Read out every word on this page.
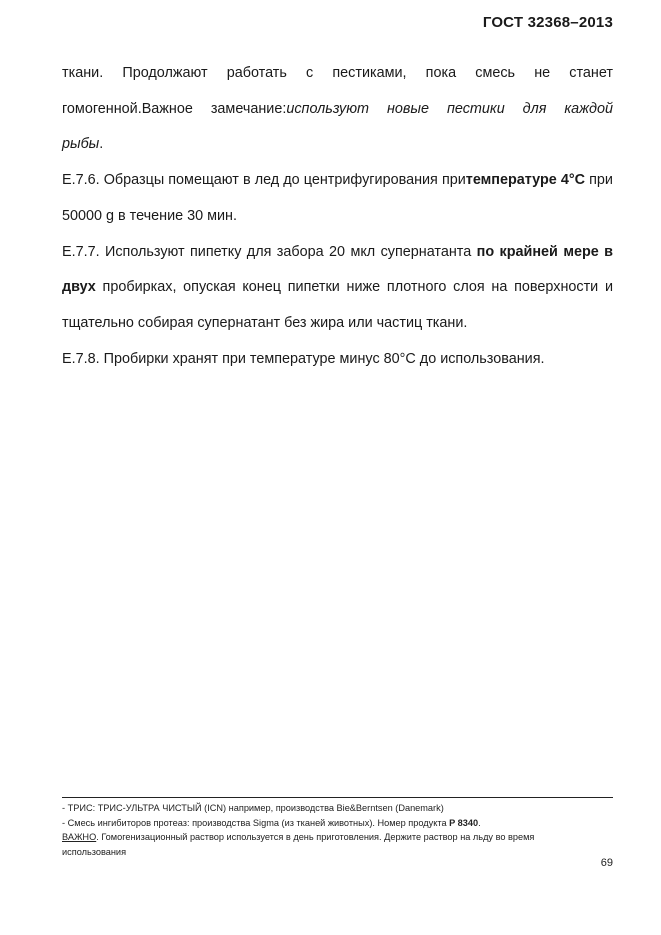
ГОСТ 32368–2013
ткани. Продолжают работать с пестиками, пока смесь не станет
гомогенной.Важное замечание:используют новые пестики для каждой
рыбы.

Е.7.6. Образцы помещают в лед до центрифугирования притемпературе 4°C при 50000 g в течение 30 мин.

Е.7.7. Используют пипетку для забора 20 мкл супернатанта по крайней мере в двух пробирках, опуская конец пипетки ниже плотного слоя на поверхности и тщательно собирая супернатант без жира или частиц ткани.

Е.7.8. Пробирки хранят при температуре минус 80°C до использования.

- ТРИС: ТРИС-УЛЬТРА ЧИСТЫЙ (ICN) например, производства Bie&Berntsen (Danemark)
- Смесь ингибиторов протеаз: производства Sigma (из тканей животных). Номер продукта P 8340.
ВАЖНО. Гомогенизационный раствор используется в день приготовления. Держите раствор на льду во время
использования
69
